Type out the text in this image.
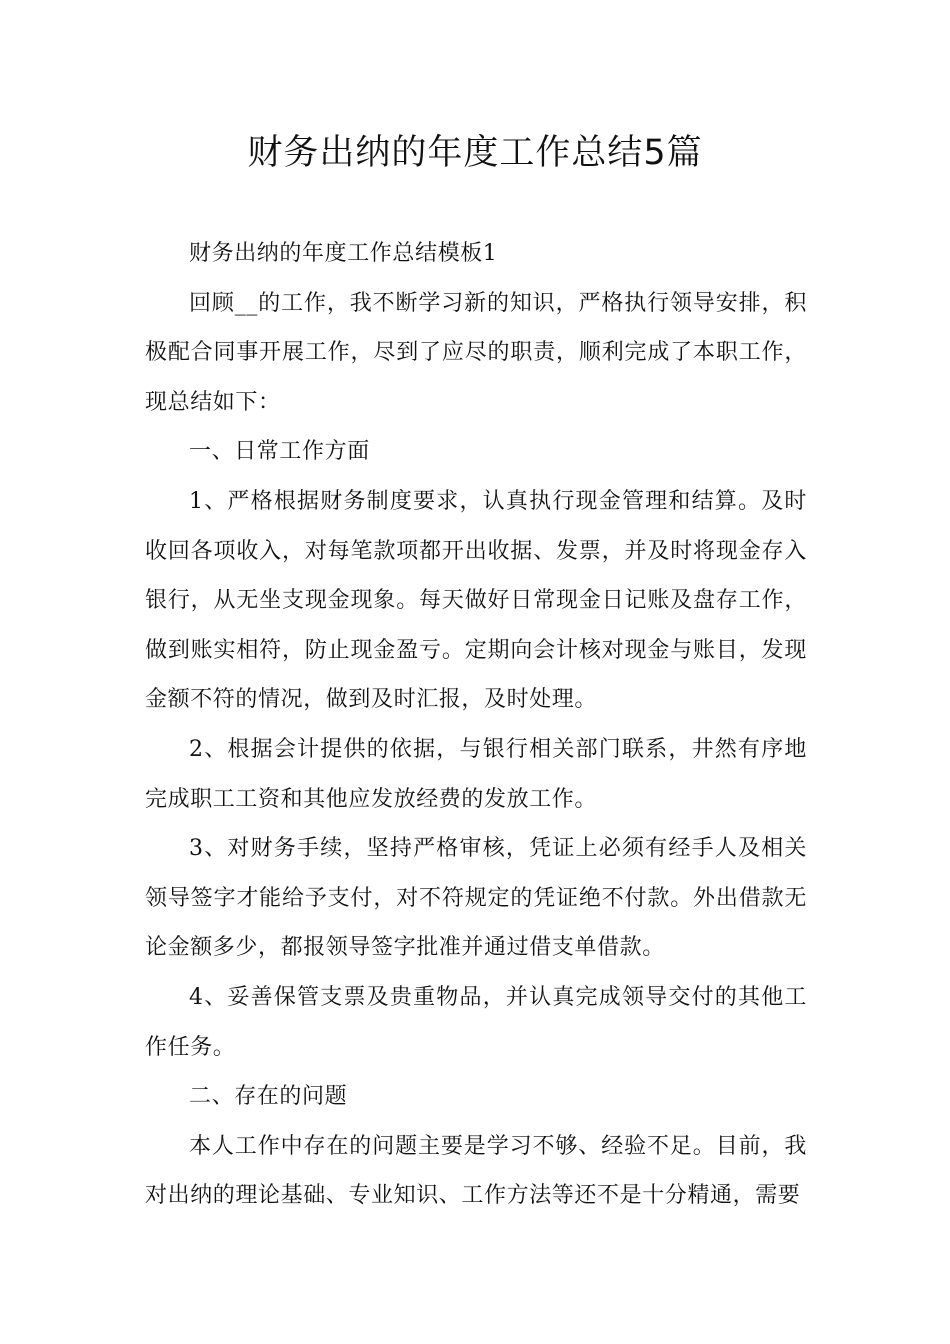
财务出纳的年度工作总结5篇

财务出纳的年度工作总结模板1

回顾__的工作，我不断学习新的知识，严格执行领导安排，积极配合同事开展工作，尽到了应尽的职责，顺利完成了本职工作，现总结如下：

一、日常工作方面

1、严格根据财务制度要求，认真执行现金管理和结算。及时收回各项收入，对每笔款项都开出收据、发票，并及时将现金存入银行，从无坐支现金现象。每天做好日常现金日记账及盘存工作，做到账实相符，防止现金盈亏。定期向会计核对现金与账目，发现金额不符的情况，做到及时汇报，及时处理。

2、根据会计提供的依据，与银行相关部门联系，井然有序地完成职工工资和其他应发放经费的发放工作。

3、对财务手续，坚持严格审核，凭证上必须有经手人及相关领导签字才能给予支付，对不符规定的凭证绝不付款。外出借款无论金额多少，都报领导签字批准并通过借支单借款。

4、妥善保管支票及贵重物品，并认真完成领导交付的其他工作任务。

二、存在的问题

本人工作中存在的问题主要是学习不够、经验不足。目前，我对出纳的理论基础、专业知识、工作方法等还不是十分精通，需要
